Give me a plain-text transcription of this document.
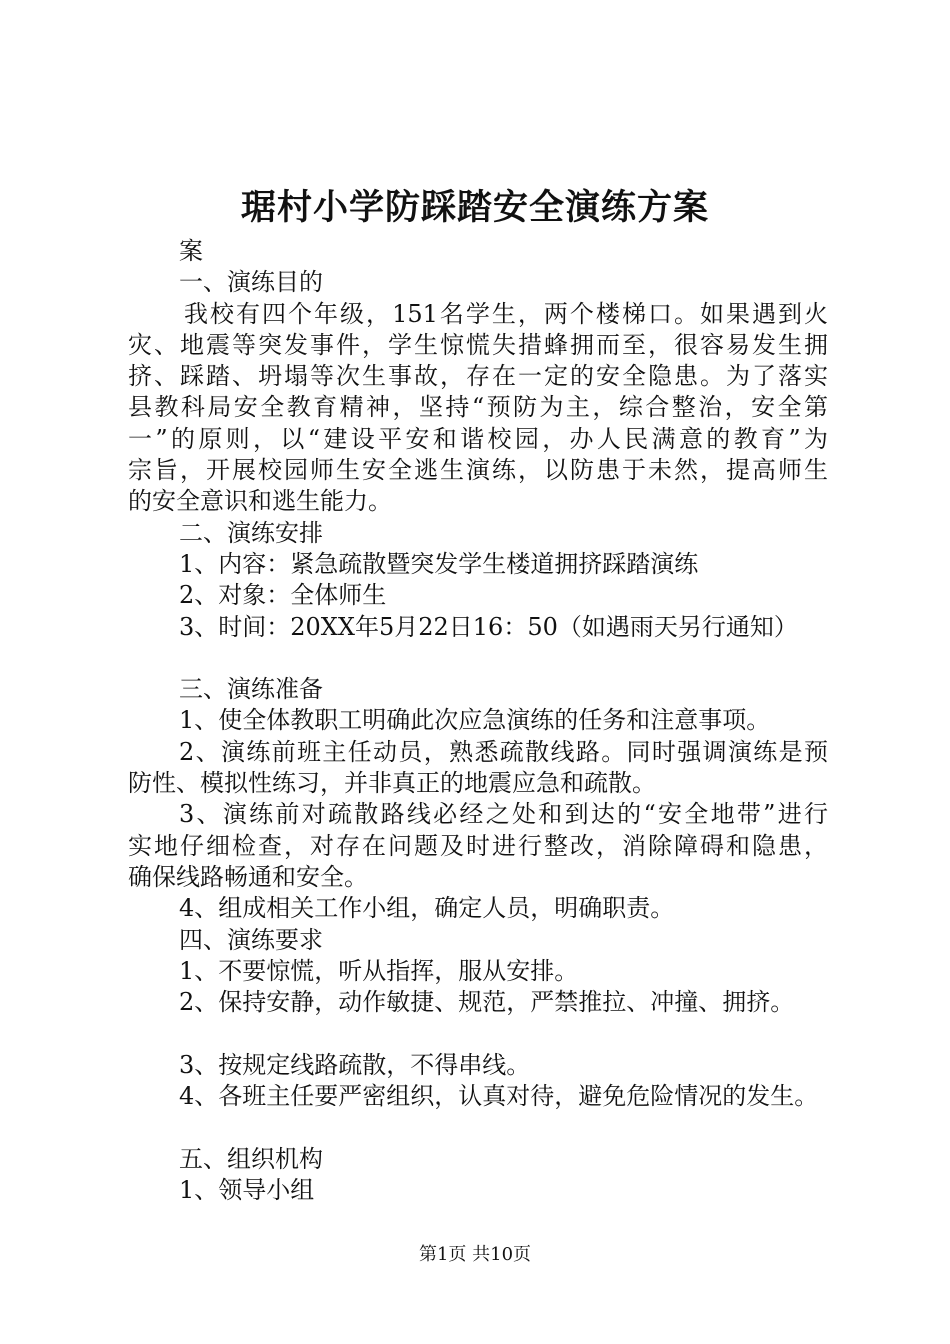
琚村小学防踩踏安全演练方案
案
一、演练目的
我校有四个年级，151名学生，两个楼梯口。如果遇到火
灾、地震等突发事件，学生惊慌失措蜂拥而至，很容易发生拥
挤、踩踏、坍塌等次生事故，存在一定的安全隐患。为了落实
县教科局安全教育精神，坚持“预防为主，综合整治，安全第
一”的原则，以“建设平安和谐校园，办人民满意的教育”为
宗旨，开展校园师生安全逃生演练，以防患于未然，提高师生
的安全意识和逃生能力。
二、演练安排
1、内容：紧急疏散暨突发学生楼道拥挤踩踏演练
2、对象：全体师生
3、时间：20XX年5月22日16：50（如遇雨天另行通知）
三、演练准备
1、使全体教职工明确此次应急演练的任务和注意事项。
2、演练前班主任动员，熟悉疏散线路。同时强调演练是预
防性、模拟性练习，并非真正的地震应急和疏散。
3、演练前对疏散路线必经之处和到达的“安全地带”进行
实地仔细检查，对存在问题及时进行整改，消除障碍和隐患，
确保线路畅通和安全。
4、组成相关工作小组，确定人员，明确职责。
四、演练要求
1、不要惊慌，听从指挥，服从安排。
2、保持安静，动作敏捷、规范，严禁推拉、冲撞、拥挤。
3、按规定线路疏散，不得串线。
4、各班主任要严密组织，认真对待，避免危险情况的发生。
五、组织机构
1、领导小组
第1页 共10页
